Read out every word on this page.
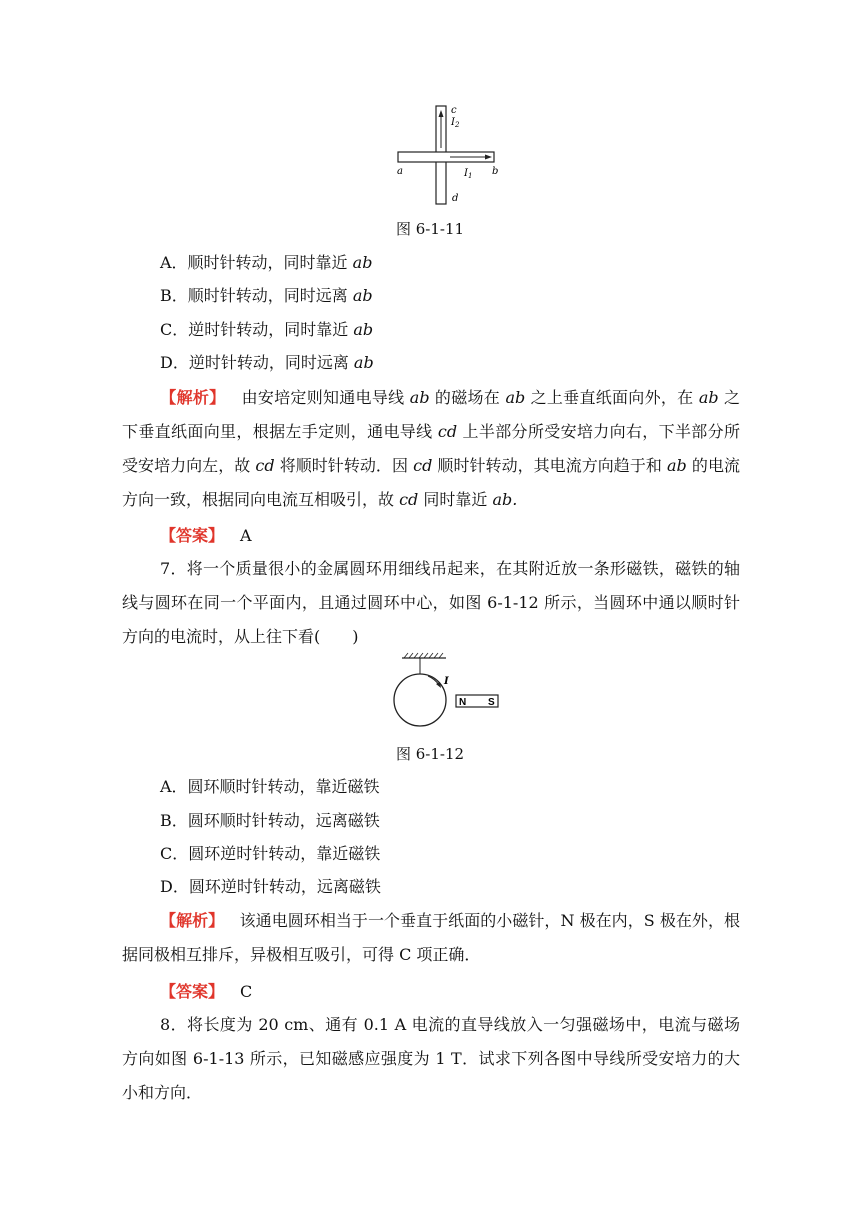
c
$I_2$
a	$I_1$ b
d
图 6-1-11
A．顺时针转动，同时靠近 ab
B．顺时针转动，同时远离 ab
C．逆时针转动，同时靠近 ab
D．逆时针转动，同时远离 ab
【解析】 由安培定则知通电导线 ab 的磁场在 ab 之上垂直纸面向外，在 ab 之下垂直纸面向里，根据左手定则，通电导线 cd 上半部分所受安培力向右，下半部分所受安培力向左，故 cd 将顺时针转动．因 cd 顺时针转动，其电流方向趋于和 ab 的电流方向一致，根据同向电流互相吸引，故 cd 同时靠近 ab.
【答案】 A
7．将一个质量很小的金属圆环用细线吊起来，在其附近放一条形磁铁，磁铁的轴线与圆环在同一个平面内，且通过圆环中心，如图 6-1-12 所示，当圆环中通以顺时针方向的电流时，从上往下看(　　)
I
N S
图 6-1-12
A．圆环顺时针转动，靠近磁铁
B．圆环顺时针转动，远离磁铁
C．圆环逆时针转动，靠近磁铁
D．圆环逆时针转动，远离磁铁
【解析】 该通电圆环相当于一个垂直于纸面的小磁针，N 极在内，S 极在外，根据同极相互排斥，异极相互吸引，可得 C 项正确．
【答案】 C
8．将长度为 20 cm、通有 0.1 A 电流的直导线放入一匀强磁场中，电流与磁场方向如图 6-1-13 所示，已知磁感应强度为 1 T．试求下列各图中导线所受安培力的大小和方向．
